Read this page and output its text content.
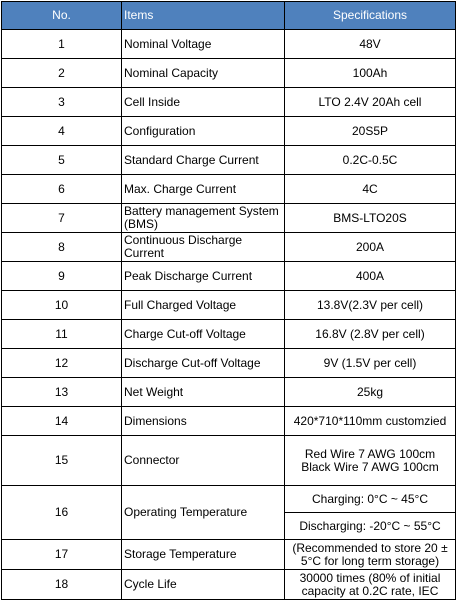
No.	Items	Specifications
1	Nominal Voltage	48V
2	Nominal Capacity	100Ah
3	Cell Inside	LTO 2.4V 20Ah cell
4	Configuration	20S5P
5	Standard Charge Current	0.2C-0.5C
6	Max. Charge Current	4C
7	Battery management System (BMS)	BMS-LTO20S
8	Continuous Discharge Current	200A
9	Peak Discharge Current	400A
10	Full Charged Voltage	13.8V(2.3V per cell)
11	Charge Cut-off Voltage	16.8V (2.8V per cell)
12	Discharge Cut-off Voltage	9V (1.5V per cell)
13	Net Weight	25kg
14	Dimensions	420*710*110mm customzied
15	Connector	Red Wire 7 AWG 100cm
Black Wire 7 AWG 100cm

16	Operating Temperature	Charging: 0°C ~ 45°C
		Discharging: -20°C ~ 55°C
17	Storage Temperature	(Recommended to store 20 ± 5°C for long term storage)
18	Cycle Life	30000 times (80% of initial capacity at 0.2C rate, IEC
